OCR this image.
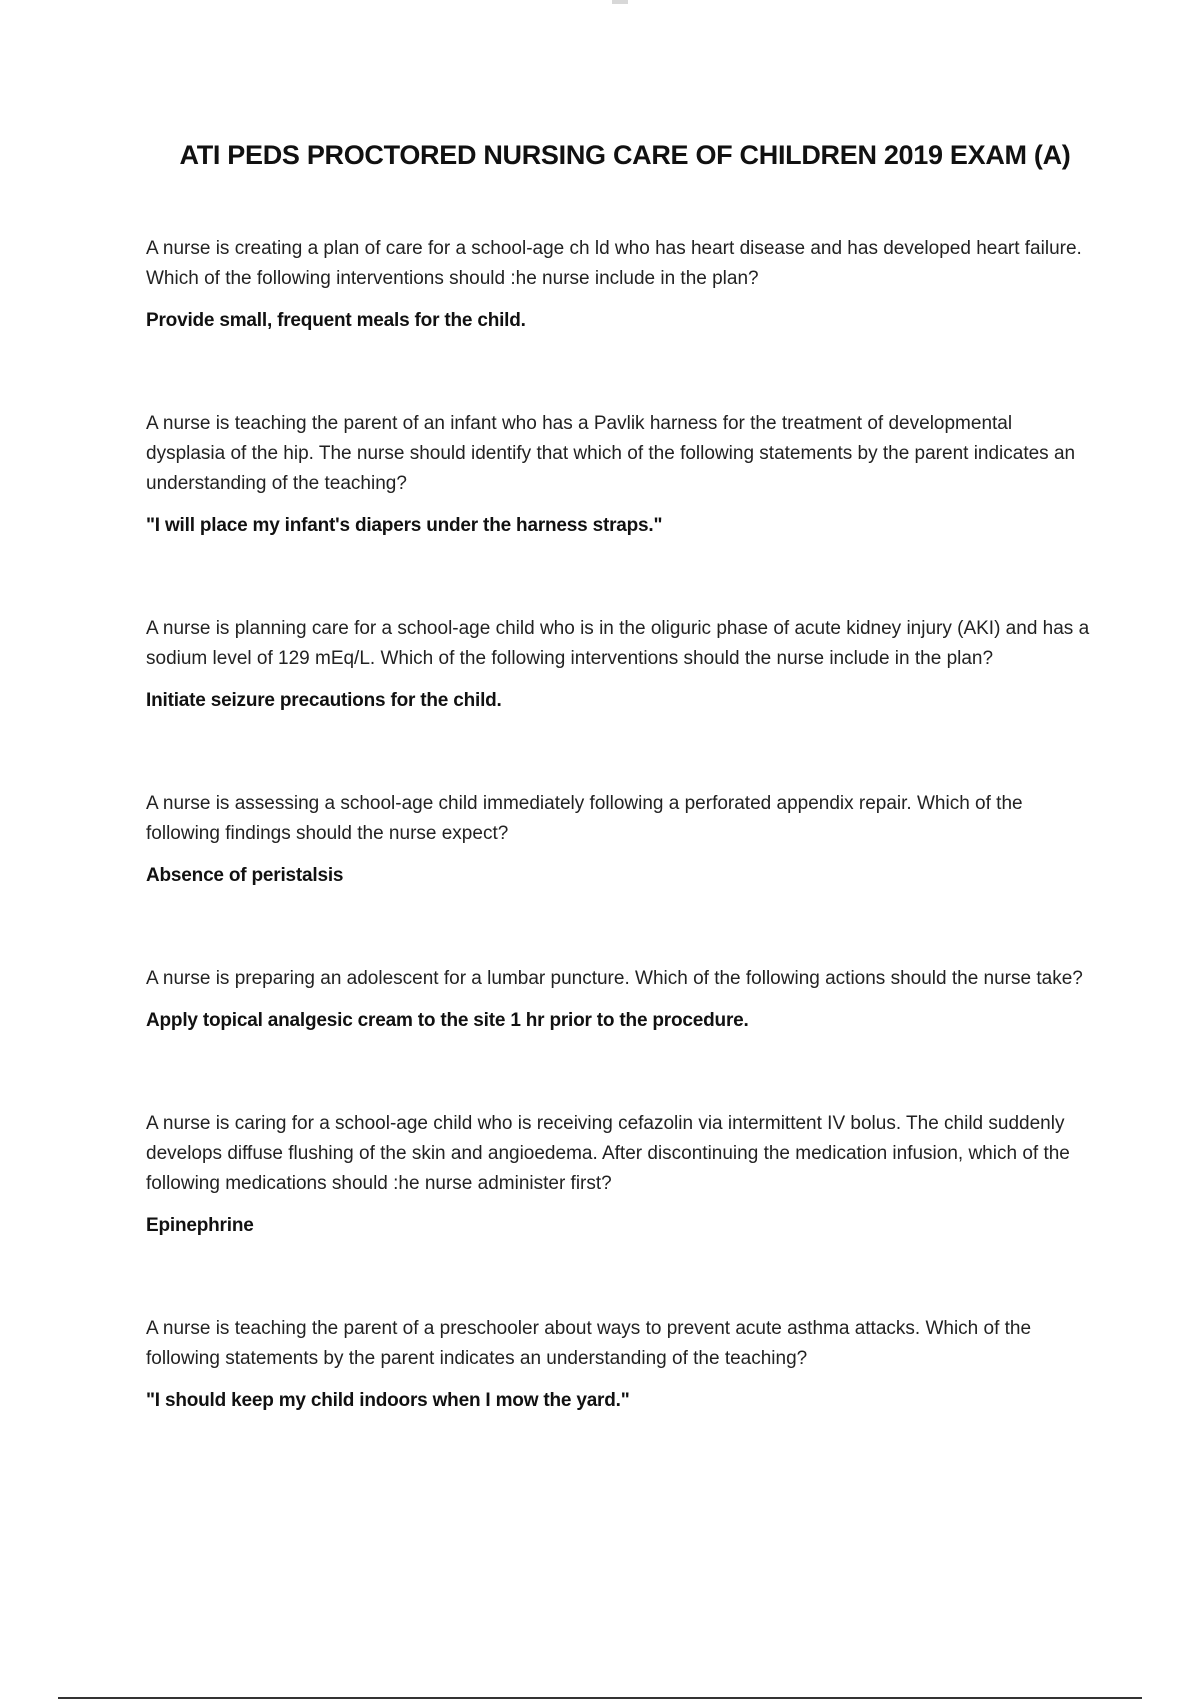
ATI PEDS PROCTORED NURSING CARE OF CHILDREN 2019 EXAM (A)

A nurse is creating a plan of care for a school-age ch ld who has heart disease and has developed heart failure. Which of the following interventions should :he nurse include in the plan?

Provide small, frequent meals for the child.

A nurse is teaching the parent of an infant who has a Pavlik harness for the treatment of developmental dysplasia of the hip. The nurse should identify that which of the following statements by the parent indicates an understanding of the teaching?

"I will place my infant's diapers under the harness straps."

A nurse is planning care for a school-age child who is in the oliguric phase of acute kidney injury (AKI) and has a sodium level of 129 mEq/L. Which of the following interventions should the nurse include in the plan?

Initiate seizure precautions for the child.

A nurse is assessing a school-age child immediately following a perforated appendix repair. Which of the following findings should the nurse expect?

Absence of peristalsis

A nurse is preparing an adolescent for a lumbar puncture. Which of the following actions should the nurse take?

Apply topical analgesic cream to the site 1 hr prior to the procedure.

A nurse is caring for a school-age child who is receiving cefazolin via intermittent IV bolus. The child suddenly develops diffuse flushing of the skin and angioedema. After discontinuing the medication infusion, which of the following medications should :he nurse administer first?

Epinephrine

A nurse is teaching the parent of a preschooler about ways to prevent acute asthma attacks. Which of the following statements by the parent indicates an understanding of the teaching?

"I should keep my child indoors when I mow the yard."
